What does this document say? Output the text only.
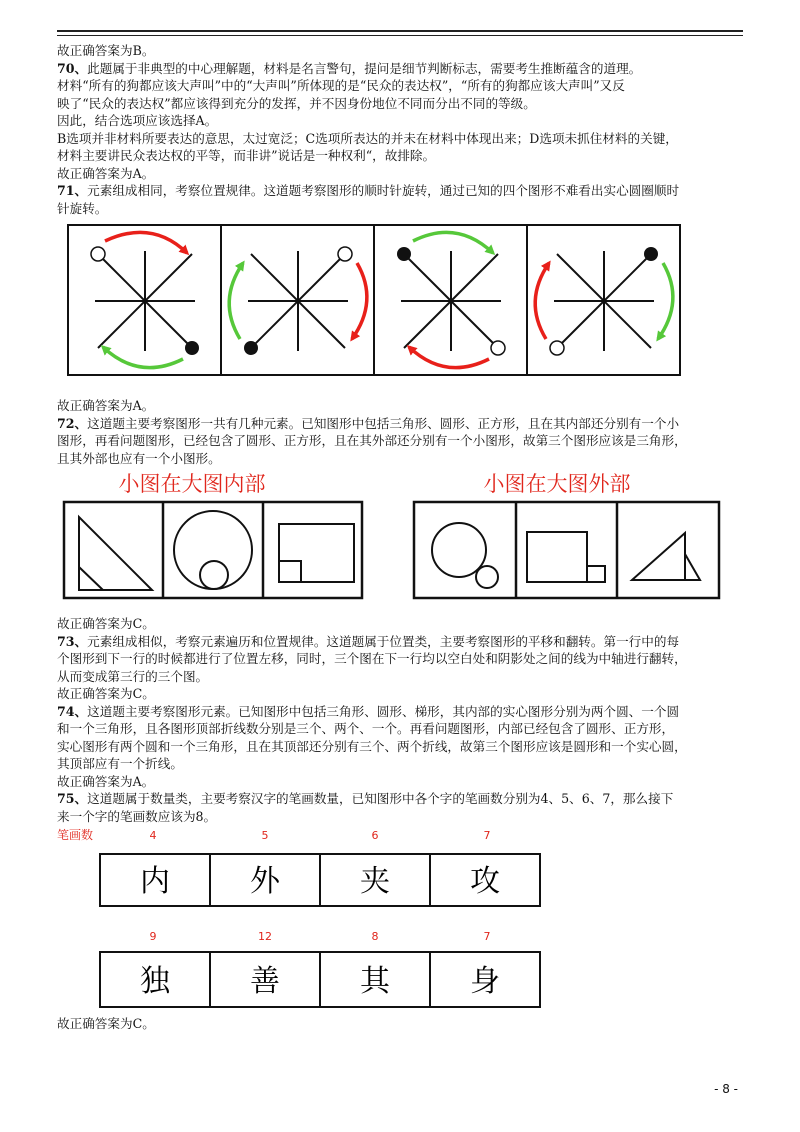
故正确答案为B。

70、此题属于非典型的中心理解题，材料是名言警句，提问是细节判断标志，需要考生推断蕴含的道理。

材料“所有的狗都应该大声叫”中的“大声叫”所体现的是“民众的表达权”，“所有的狗都应该大声叫”又反

映了“民众的表达权”都应该得到充分的发挥，并不因身份地位不同而分出不同的等级。

因此，结合选项应该选择A。

B选项并非材料所要表达的意思，太过宽泛；C选项所表达的并未在材料中体现出来；D选项未抓住材料的关键，

材料主要讲民众表达权的平等，而非讲”说话是一种权利“，故排除。

故正确答案为A。

71、元素组成相同，考察位置规律。这道题考察图形的顺时针旋转，通过已知的四个图形不难看出实心圆圈顺时

针旋转。

故正确答案为A。

72、这道题主要考察图形一共有几种元素。已知图形中包括三角形、圆形、正方形，且在其内部还分别有一个小

图形，再看问题图形，已经包含了圆形、正方形，且在其外部还分别有一个小图形，故第三个图形应该是三角形，

且其外部也应有一个小图形。

小图在大图内部	小图在大图外部

故正确答案为C。

73、元素组成相似，考察元素遍历和位置规律。这道题属于位置类，主要考察图形的平移和翻转。第一行中的每

个图形到下一行的时候都进行了位置左移，同时，三个图在下一行均以空白处和阴影处之间的线为中轴进行翻转，

从而变成第三行的三个图。

故正确答案为C。

74、这道题主要考察图形元素。已知图形中包括三角形、圆形、梯形，其内部的实心图形分别为两个圆、一个圆

和一个三角形，且各图形顶部折线数分别是三个、两个、一个。再看问题图形，内部已经包含了圆形、正方形，

实心图形有两个圆和一个三角形，且在其顶部还分别有三个、两个折线，故第三个图形应该是圆形和一个实心圆，

其顶部应有一个折线。

故正确答案为A。

75、这道题属于数量类，主要考察汉字的笔画数量，已知图形中各个字的笔画数分别为4、5、6、7，那么接下

来一个字的笔画数应该为8。

笔画数	4	5	6	7
内	外	夹	攻
9	12	8	7
独	善	其	身

故正确答案为C。

- 8 -
